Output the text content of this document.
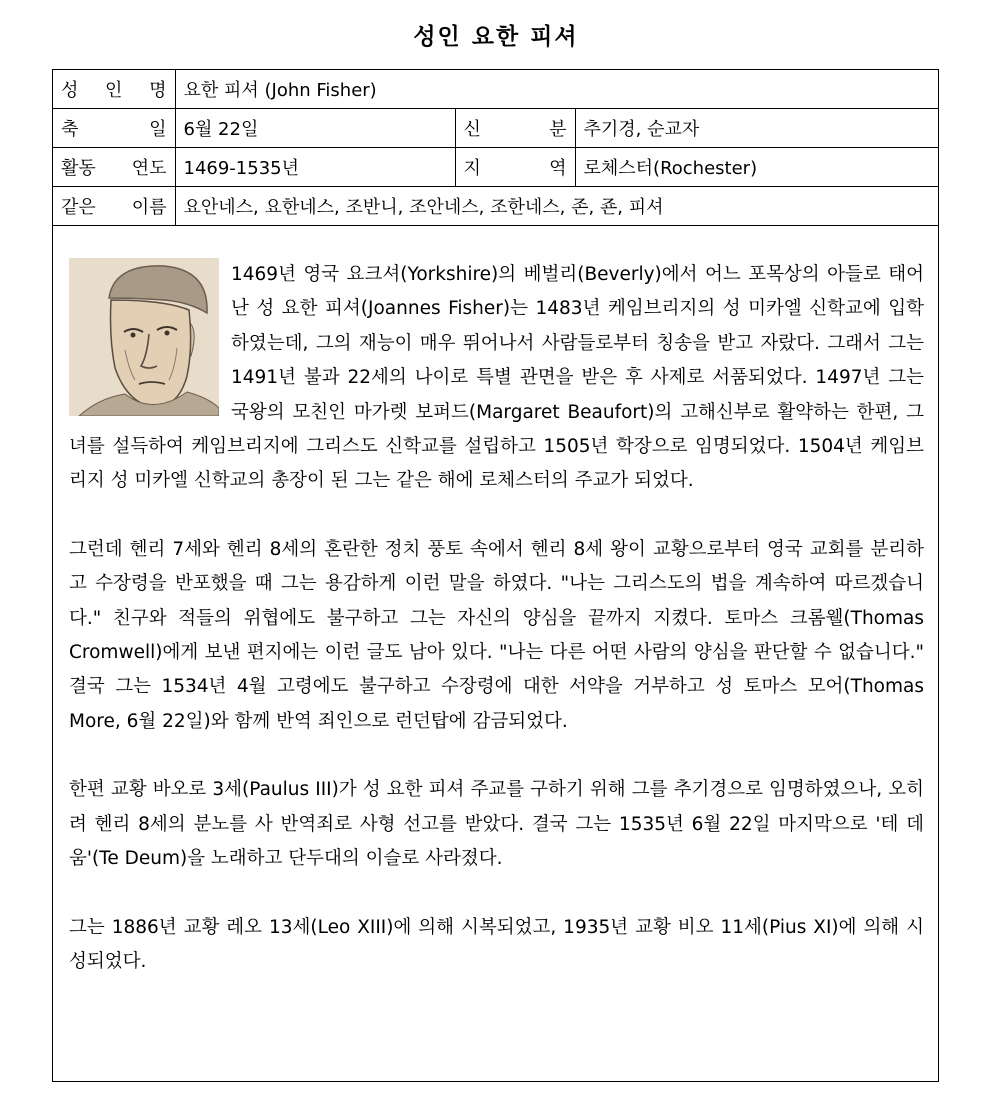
성인 요한 피셔
성 인 명	요한 피셔 (John Fisher)		

축 일	6월 22일	신 분	추기경, 순교자

활동 연도	1469-1535년	지 역	로체스터(Rochester)

같은 이름	요안네스, 요한네스, 조반니, 조안네스, 조한네스, 존, 죤, 피셔		

1469년 영국 요크셔(Yorkshire)의 베벌리(Beverly)에서 어느 포목상의 아들로 태어난 성 요한 피셔(Joannes Fisher)는 1483년 케임브리지의 성 미카엘 신학교에 입학하였는데, 그의 재능이 매우 뛰어나서 사람들로부터 칭송을 받고 자랐다. 그래서 그는 1491년 불과 22세의 나이로 특별 관면을 받은 후 사제로 서품되었다. 1497년 그는 국왕의 모친인 마가렛 보퍼드(Margaret Beaufort)의 고해신부로 활약하는 한편, 그녀를 설득하여 케임브리지에 그리스도 신학교를 설립하고 1505년 학장으로 임명되었다. 1504년 케임브리지 성 미카엘 신학교의 총장이 된 그는 같은 해에 로체스터의 주교가 되었다.

그런데 헨리 7세와 헨리 8세의 혼란한 정치 풍토 속에서 헨리 8세 왕이 교황으로부터 영국 교회를 분리하고 수장령을 반포했을 때 그는 용감하게 이런 말을 하였다. "나는 그리스도의 법을 계속하여 따르겠습니다." 친구와 적들의 위협에도 불구하고 그는 자신의 양심을 끝까지 지켰다. 토마스 크롬웰(Thomas Cromwell)에게 보낸 편지에는 이런 글도 남아 있다. "나는 다른 어떤 사람의 양심을 판단할 수 없습니다." 결국 그는 1534년 4월 고령에도 불구하고 수장령에 대한 서약을 거부하고 성 토마스 모어(Thomas More, 6월 22일)와 함께 반역 죄인으로 런던탑에 감금되었다.

한편 교황 바오로 3세(Paulus III)가 성 요한 피셔 주교를 구하기 위해 그를 추기경으로 임명하였으나, 오히려 헨리 8세의 분노를 사 반역죄로 사형 선고를 받았다. 결국 그는 1535년 6월 22일 마지막으로 '테 데움'(Te Deum)을 노래하고 단두대의 이슬로 사라졌다.

그는 1886년 교황 레오 13세(Leo XIII)에 의해 시복되었고, 1935년 교황 비오 11세(Pius XI)에 의해 시성되었다.
